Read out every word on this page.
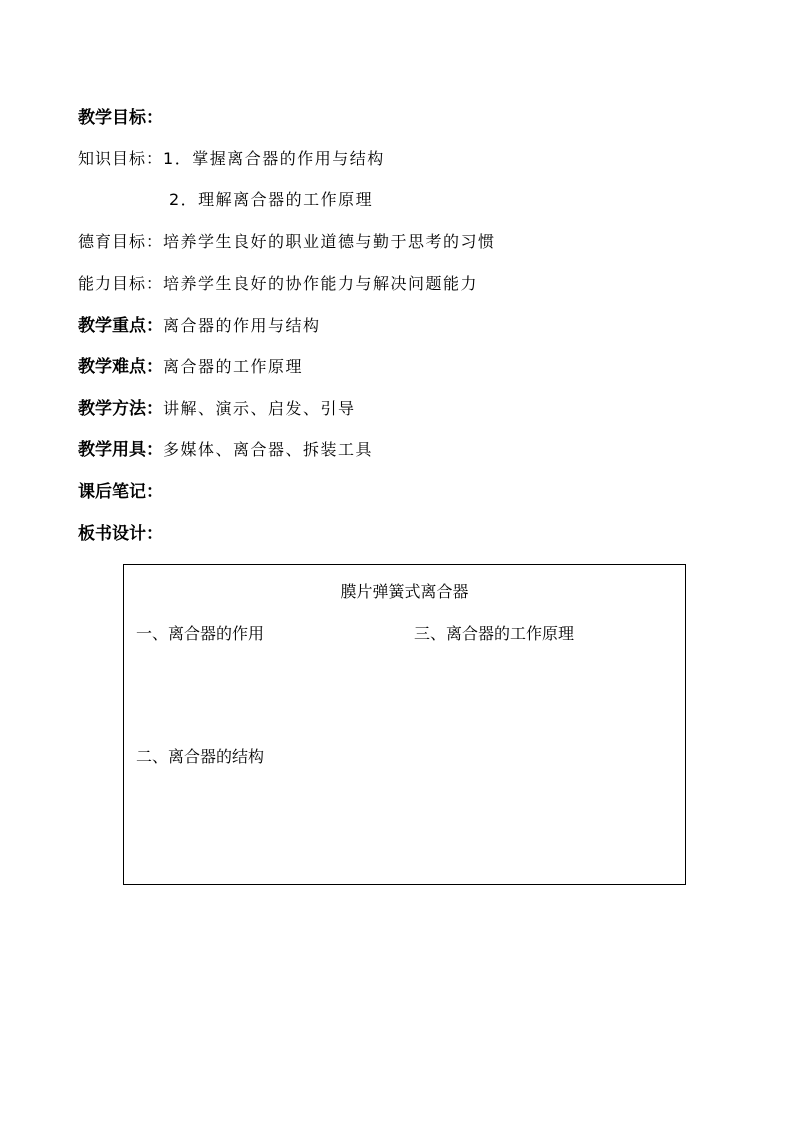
教学目标：
知识目标：1．掌握离合器的作用与结构
2．理解离合器的工作原理
德育目标：培养学生良好的职业道德与勤于思考的习惯
能力目标：培养学生良好的协作能力与解决问题能力
教学重点：离合器的作用与结构
教学难点：离合器的工作原理
教学方法：讲解、演示、启发、引导
教学用具：多媒体、离合器、拆装工具
课后笔记：
板书设计：
膜片弹簧式离合器
一、离合器的作用	三、离合器的工作原理
二、离合器的结构
